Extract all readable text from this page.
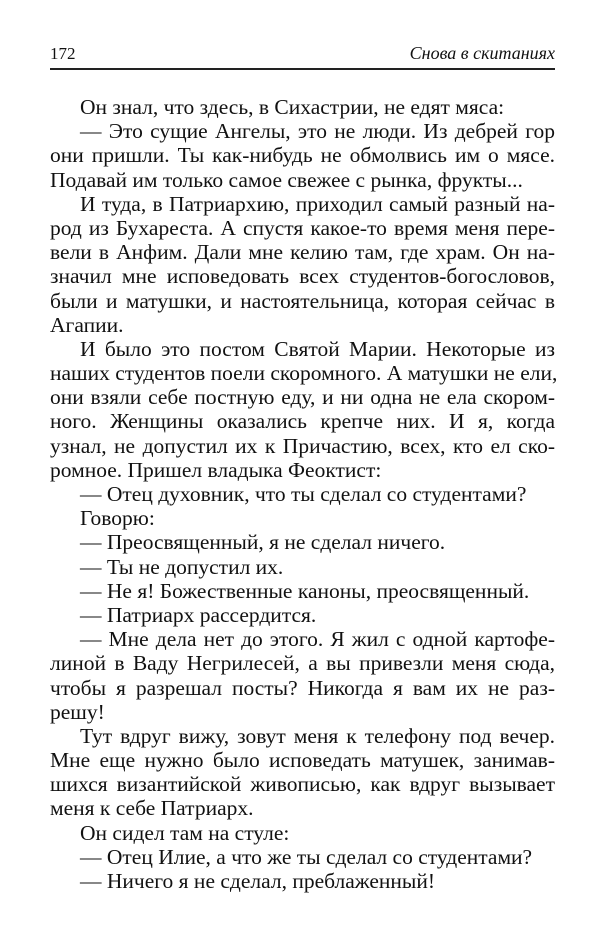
172	Снова в скитаниях
Он знал, что здесь, в Сихастрии, не едят мяса:
— Это сущие Ангелы, это не люди. Из дебрей гор
они пришли. Ты как-нибудь не обмолвись им о мясе.
Подавай им только самое свежее с рынка, фрукты...
И туда, в Патриархию, приходил самый разный на-
род из Бухареста. А спустя какое-то время меня пере-
вели в Анфим. Дали мне келию там, где храм. Он на-
значил мне исповедовать всех студентов-богословов,
были и матушки, и настоятельница, которая сейчас в
Агапии.
И было это постом Святой Марии. Некоторые из
наших студентов поели скоромного. А матушки не ели,
они взяли себе постную еду, и ни одна не ела скором-
ного. Женщины оказались крепче них. И я, когда
узнал, не допустил их к Причастию, всех, кто ел ско-
ромное. Пришел владыка Феоктист:
— Отец духовник, что ты сделал со студентами?
Говорю:
— Преосвященный, я не сделал ничего.
— Ты не допустил их.
— Не я! Божественные каноны, преосвященный.
— Патриарх рассердится.
— Мне дела нет до этого. Я жил с одной картофе-
линой в Ваду Негрилесей, а вы привезли меня сюда,
чтобы я разрешал посты? Никогда я вам их не раз-
решу!
Тут вдруг вижу, зовут меня к телефону под вечер.
Мне еще нужно было исповедать матушек, занимав-
шихся византийской живописью, как вдруг вызывает
меня к себе Патриарх.
Он сидел там на стуле:
— Отец Илие, а что же ты сделал со студентами?
— Ничего я не сделал, преблаженный!
